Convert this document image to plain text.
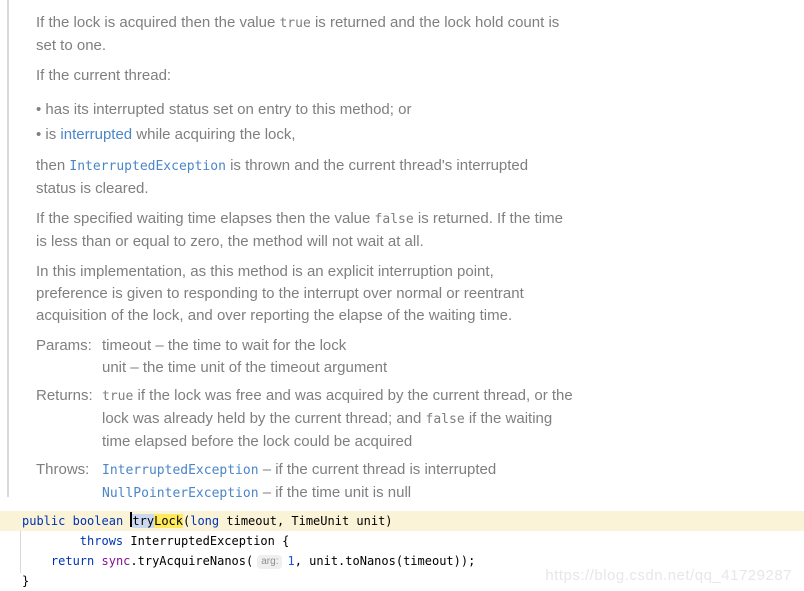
If the lock is acquired then the value true is returned and the lock hold count is
set to one.

If the current thread:

• has its interrupted status set on entry to this method; or
• is interrupted while acquiring the lock,

then InterruptedException is thrown and the current thread's interrupted
status is cleared.

If the specified waiting time elapses then the value false is returned. If the time
is less than or equal to zero, the method will not wait at all.

In this implementation, as this method is an explicit interruption point,
preference is given to responding to the interrupt over normal or reentrant
acquisition of the lock, and over reporting the elapse of the waiting time.

Params: timeout – the time to wait for the lock
unit – the time unit of the timeout argument
Returns: true if the lock was free and was acquired by the current thread, or the
lock was already held by the current thread; and false if the waiting
time elapsed before the lock could be acquired
Throws: InterruptedException – if the current thread is interrupted
NullPointerException – if the time unit is null
public boolean tryLock(long timeout, TimeUnit unit)
throws InterruptedException {
return sync.tryAcquireNanos( arg: 1, unit.toNanos(timeout));
}	https://blog.csdn.net/qq_41729287
